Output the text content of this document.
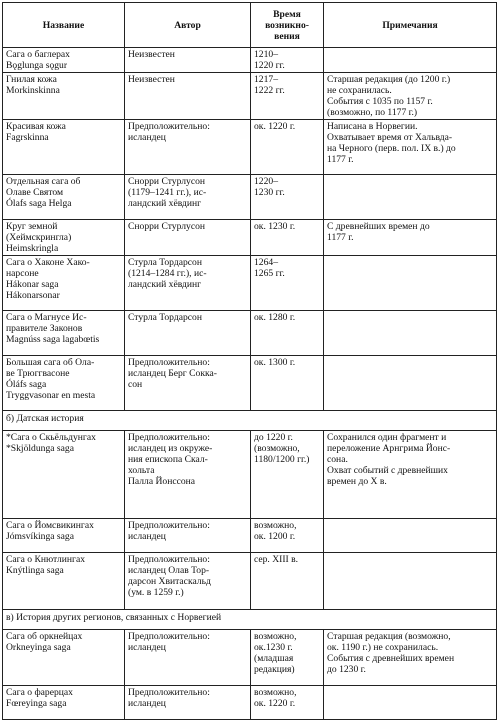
Название	Автор	Время
возникно-
вения	Примечания
Сага о баглерах
Bǫglunga sǫgur	Неизвестен	1210–
1220 гг.	
Гнилая кожа
Morkinskinna	Неизвестен	1217–
1222 гг.	Старшая редакция (до 1200 г.)
не сохранилась.
События с 1035 по 1157 г.
(возможно, по 1177 г.)
Красивая кожа
Fagrskinna	Предположительно:
исландец	ок. 1220 г.	Написана в Норвегии.
Охватывает время от Хальвда-
на Черного (перв. пол. IX в.) до
1177 г.
Отдельная сага об
Олаве Святом
Ólafs saga Helga	Снорри Стурлусон
(1179–1241 гг.), ис-
ландский хёвдинг	1220–
1230 гг.	
Круг земной
(Хеймскрингла)
Heimskringla	Снорри Стурлусон	ок. 1230 г.	С древнейших времен до
1177 г.
Сага о Хаконе Хако-
нарсоне
Hákonar saga
Hákonarsonar	Стурла Тордарсон
(1214–1284 гг.), ис-
ландский хёвдинг	1264–
1265 гг.	
Сага о Магнусе Ис-
правителе Законов
Magnúss saga lagabœtis	Стурла Тордарсон	ок. 1280 г.	
Большая сага об Ола-
ве Трюггвасоне
Óláfs saga
Tryggvasonar en mesta	Предположительно:
исландец Берг Сокка-
сон	ок. 1300 г.	
б) Датская история			
*Сага о Скьёльдунгах
*Skjöldunga saga	Предположительно:
исландец из окруже-
ния епископа Скал-
хольта
Палла Йонссона	до 1220 г.
(возможно,
1180/1200 гг.)	Сохранился один фрагмент и
переложение Арнгрима Йонс-
сона.
Охват событий с древнейших
времен до X в.
Сага о Йомсвикингах
Jómsvíkinga saga	Предположительно:
исландец	возможно,
ок. 1200 г.	
Сага о Кнютлингах
Knýtlinga saga	Предположительно:
исландец Олав Тор-
дарсон Хвитаскальд
(ум. в 1259 г.)	сер. XIII в.	
в) История других регионов, связанных с Норвегией			
Сага об оркнейцах
Orkneyinga saga	Предположительно:
исландец	возможно,
ок.1230 г.
(младшая
редакция)	Старшая редакция (возможно,
ок. 1190 г.) не сохранилась.
События с древнейших времен
до 1230 г.
Сага о фарерцах
Fœreyinga saga	Предположительно:
исландец	возможно,
ок. 1220 г.	
